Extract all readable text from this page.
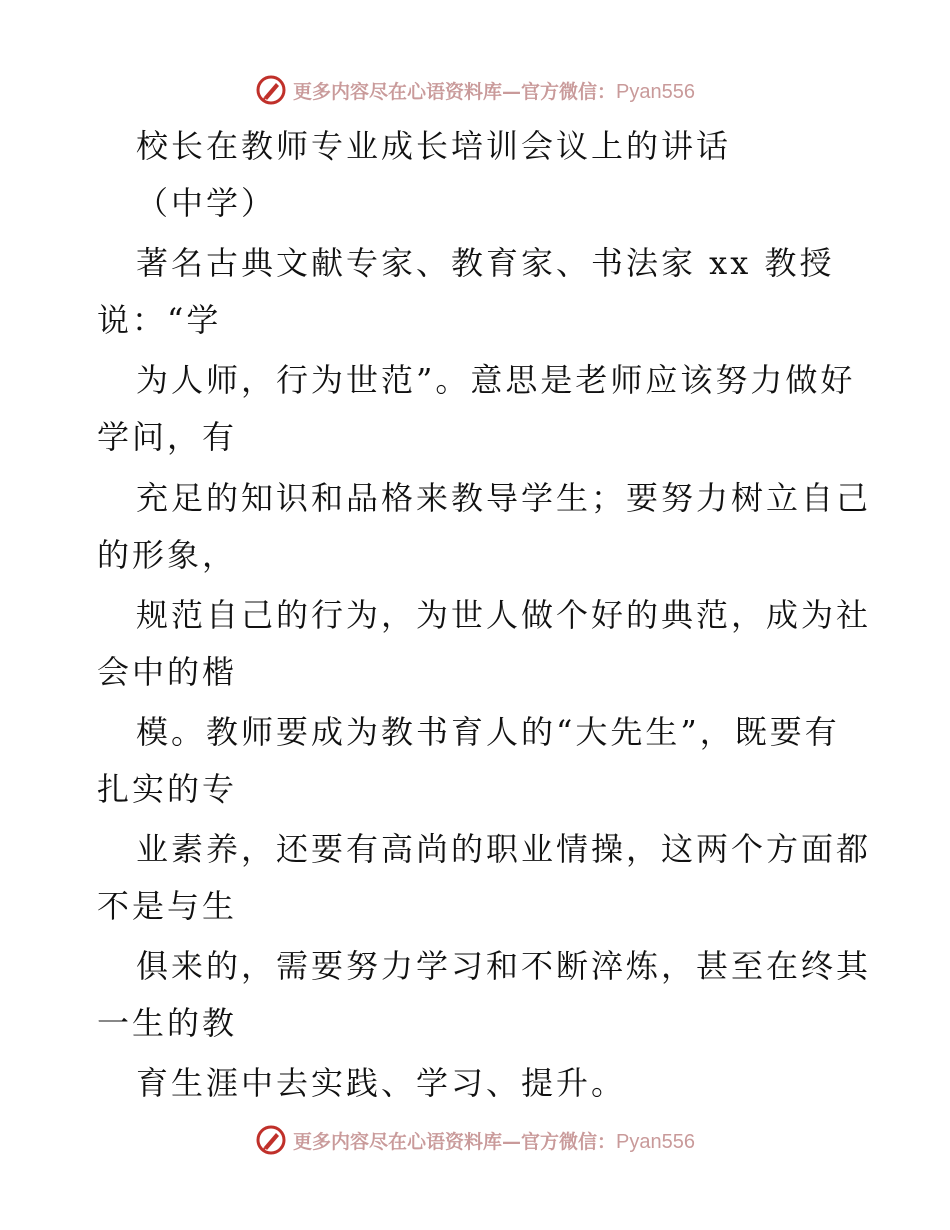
更多内容尽在心语资料库—官方微信：Pyan556
校长在教师专业成长培训会议上的讲话
（中学）
著名古典文献专家、教育家、书法家 xx 教授
说：“学
为人师，行为世范”。意思是老师应该努力做好
学问，有
充足的知识和品格来教导学生；要努力树立自己
的形象，
规范自己的行为，为世人做个好的典范，成为社
会中的楷
模。教师要成为教书育人的“大先生”，既要有
扎实的专
业素养，还要有高尚的职业情操，这两个方面都
不是与生
俱来的，需要努力学习和不断淬炼，甚至在终其
一生的教
育生涯中去实践、学习、提升。
更多内容尽在心语资料库—官方微信：Pyan556
